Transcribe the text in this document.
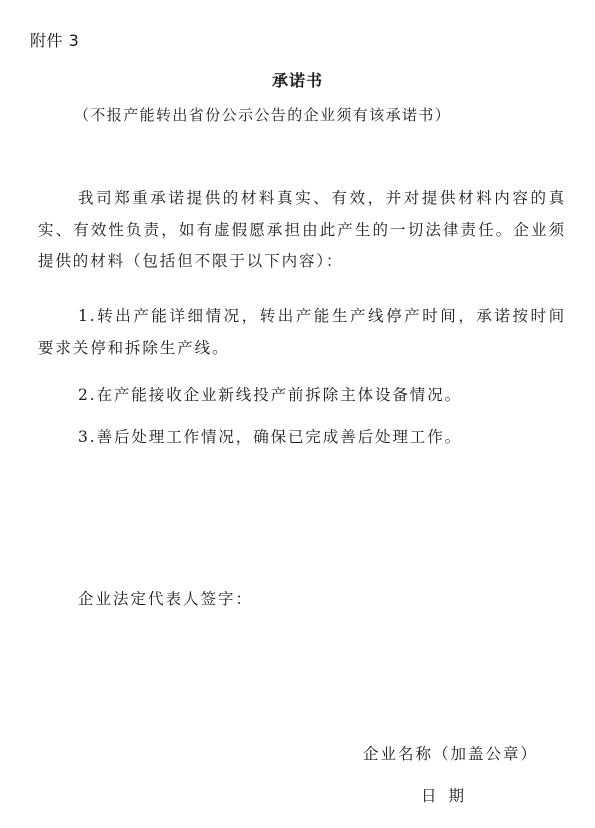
附件 3
承诺书
（不报产能转出省份公示公告的企业须有该承诺书）

我司郑重承诺提供的材料真实、有效，并对提供材料内容的真实、有效性负责，如有虚假愿承担由此产生的一切法律责任。企业须提供的材料（包括但不限于以下内容）：

1.转出产能详细情况，转出产能生产线停产时间，承诺按时间要求关停和拆除生产线。

2.在产能接收企业新线投产前拆除主体设备情况。

3.善后处理工作情况，确保已完成善后处理工作。

企业法定代表人签字：
企业名称（加盖公章）
日期
